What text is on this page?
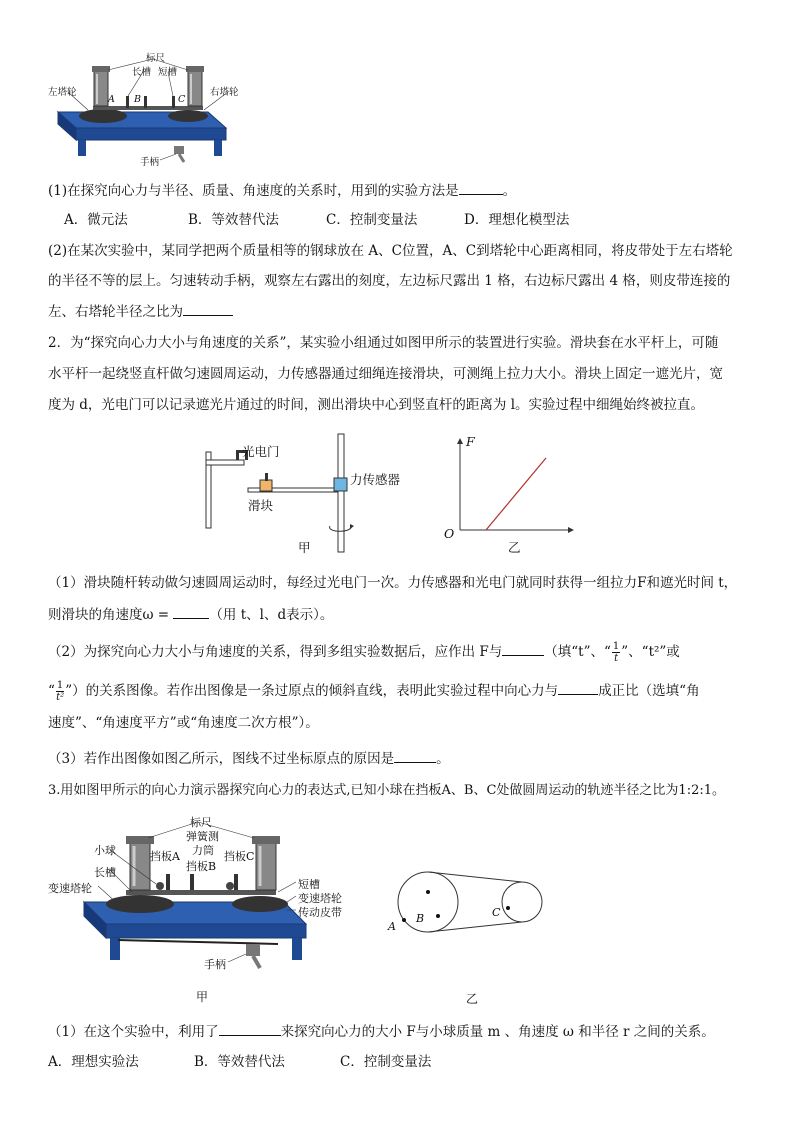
标尺
长槽 短槽
左塔轮	右塔轮
手柄
A B	C
(1)在探究向心力与半径、质量、角速度的关系时，用到的实验方法是	。
A．微元法	B．等效替代法	C．控制变量法	D．理想化模型法
(2)在某次实验中，某同学把两个质量相等的钢球放在 A、C位置，A、C到塔轮中心距离相同，将皮带处于左右塔轮
的半径不等的层上。匀速转动手柄，观察左右露出的刻度，左边标尺露出 1 格，右边标尺露出 4 格，则皮带连接的
左、右塔轮半径之比为
2．为“探究向心力大小与角速度的关系”，某实验小组通过如图甲所示的装置进行实验。滑块套在水平杆上，可随
水平杆一起绕竖直杆做匀速圆周运动，力传感器通过细绳连接滑块，可测绳上拉力大小。滑块上固定一遮光片，宽
度为 d，光电门可以记录遮光片通过的时间，测出滑块中心到竖直杆的距离为 l。实验过程中细绳始终被拉直。
光电门
力传感器
滑块
甲
F
O
乙
（1）滑块随杆转动做匀速圆周运动时，每经过光电门一次。力传感器和光电门就同时获得一组拉力F和遮光时间 t，
则滑块的角速度ω =	（用 t、l、d表示）。
（2）为探究向心力大小与角速度的关系，得到多组实验数据后，应作出 F与	（填“t”、“ $\frac{1}{t}$ ”、“t²”或
“ $\frac{1}{\text{t²}}$ ”）的关系图像。若作出图像是一条过原点的倾斜直线，表明此实验过程中向心力与	成正比（选填“角
速度”、“角速度平方”或“角速度二次方根”）。
（3）若作出图像如图乙所示，图线不过坐标原点的原因是	。
3.用如图甲所示的向心力演示器探究向心力的表达式,已知小球在挡板A、B、C处做圆周运动的轨迹半径之比为1:2:1。
标尺
弹簧测
力筒
小球	挡板A
挡板B
挡板C
长槽
短槽
变速塔轮
变速塔轮
传动皮带
手柄
甲
A
B	C
乙
（1）在这个实验中，利用了	来探究向心力的大小 F与小球质量 m 、角速度 ω 和半径 r 之间的关系。
A．理想实验法	B．等效替代法	C．控制变量法
